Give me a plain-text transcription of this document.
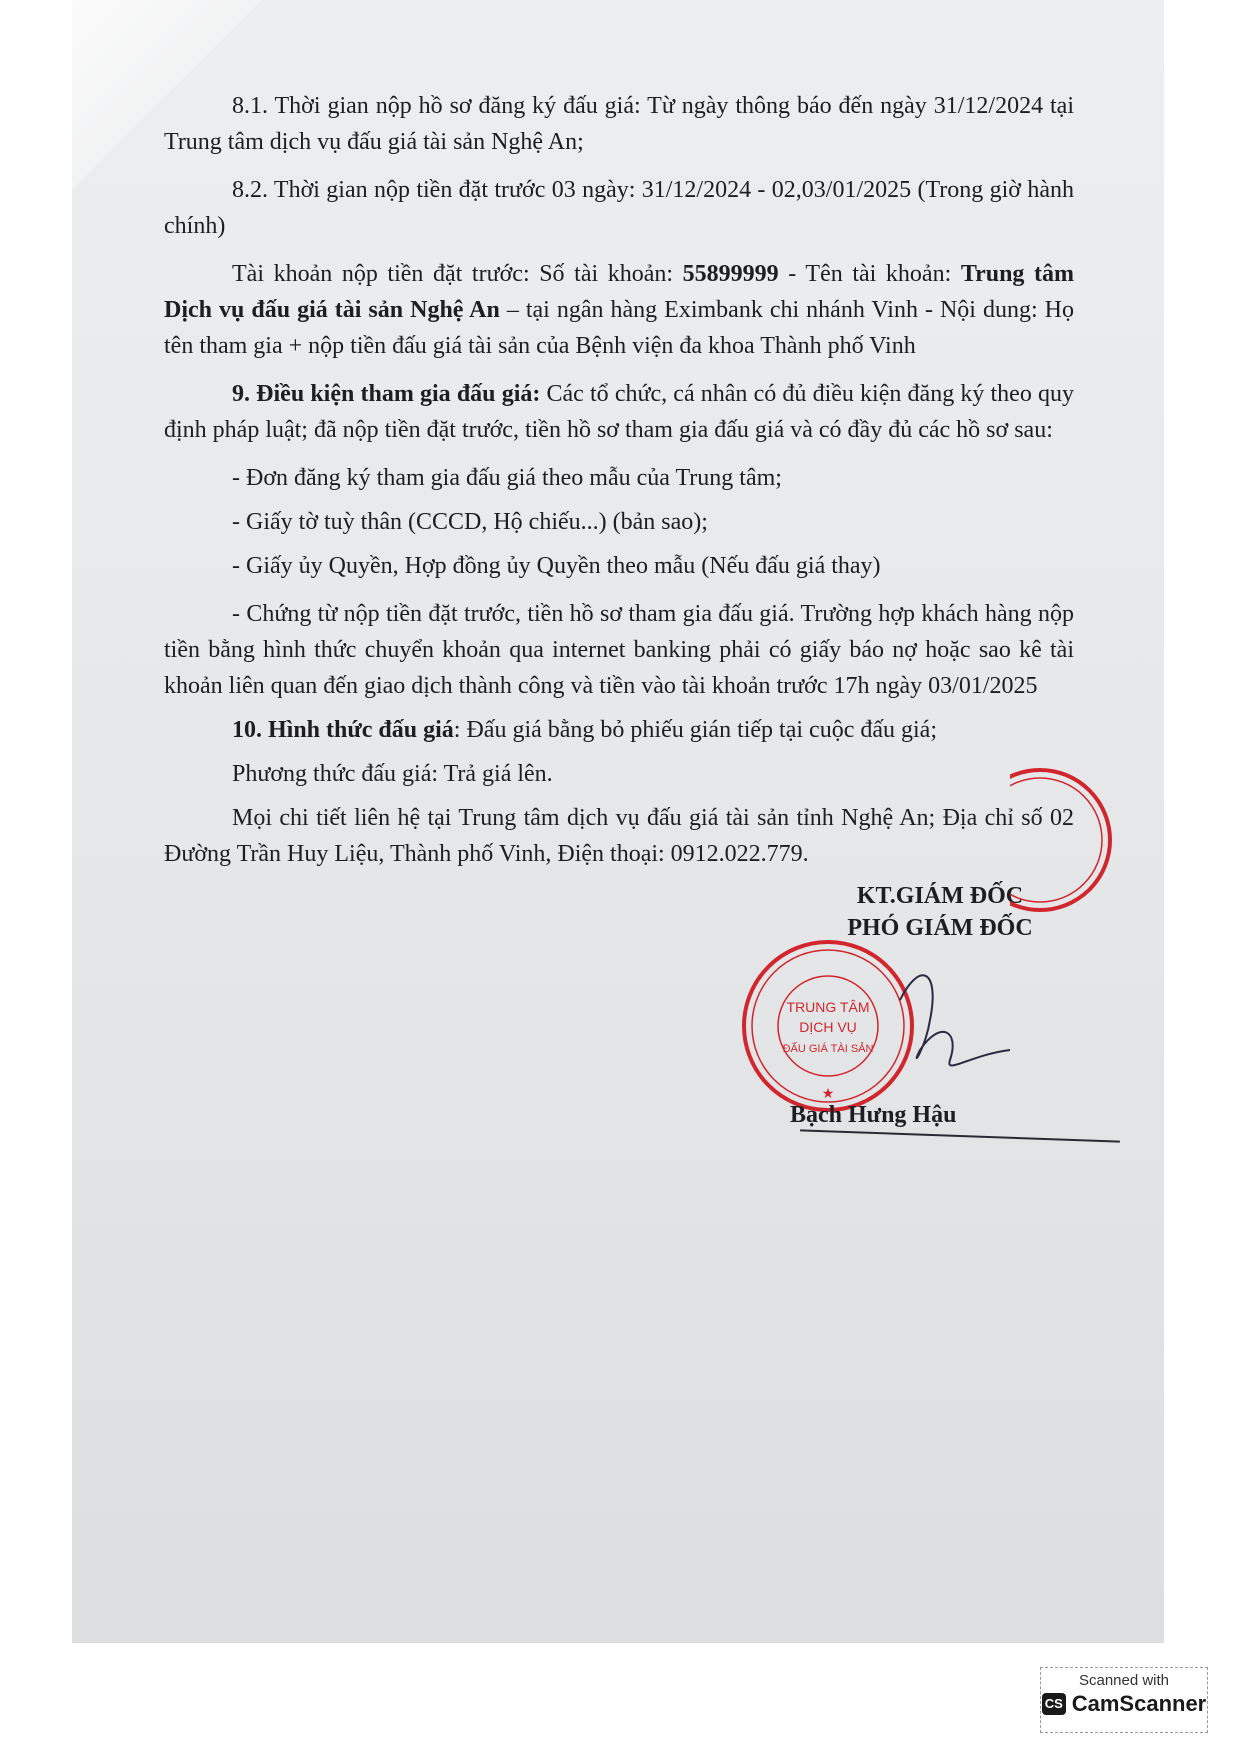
8.1. Thời gian nộp hồ sơ đăng ký đấu giá: Từ ngày thông báo đến ngày 31/12/2024 tại Trung tâm dịch vụ đấu giá tài sản Nghệ An;

8.2. Thời gian nộp tiền đặt trước 03 ngày: 31/12/2024 - 02,03/01/2025 (Trong giờ hành chính)

Tài khoản nộp tiền đặt trước: Số tài khoản: 55899999 - Tên tài khoản: Trung tâm Dịch vụ đấu giá tài sản Nghệ An – tại ngân hàng Eximbank chi nhánh Vinh - Nội dung: Họ tên tham gia + nộp tiền đấu giá tài sản của Bệnh viện đa khoa Thành phố Vinh

9. Điều kiện tham gia đấu giá: Các tổ chức, cá nhân có đủ điều kiện đăng ký theo quy định pháp luật; đã nộp tiền đặt trước, tiền hồ sơ tham gia đấu giá và có đầy đủ các hồ sơ sau:

- Đơn đăng ký tham gia đấu giá theo mẫu của Trung tâm;

- Giấy tờ tuỳ thân (CCCD, Hộ chiếu...) (bản sao);

- Giấy ủy Quyền, Hợp đồng ủy Quyền theo mẫu (Nếu đấu giá thay)

- Chứng từ nộp tiền đặt trước, tiền hồ sơ tham gia đấu giá. Trường hợp khách hàng nộp tiền bằng hình thức chuyển khoản qua internet banking phải có giấy báo nợ hoặc sao kê tài khoản liên quan đến giao dịch thành công và tiền vào tài khoản trước 17h ngày 03/01/2025

10. Hình thức đấu giá: Đấu giá bằng bỏ phiếu gián tiếp tại cuộc đấu giá;

Phương thức đấu giá: Trả giá lên.

Mọi chi tiết liên hệ tại Trung tâm dịch vụ đấu giá tài sản tỉnh Nghệ An; Địa chỉ số 02 Đường Trần Huy Liệu, Thành phố Vinh, Điện thoại: 0912.022.779.

KT.GIÁM ĐỐC
PHÓ GIÁM ĐỐC
TRUNG TÂM
DỊCH VỤ
ĐẤU GIÁ TÀI SẢN
★
Bạch Hưng Hậu
Scanned with
CS CamScanner
